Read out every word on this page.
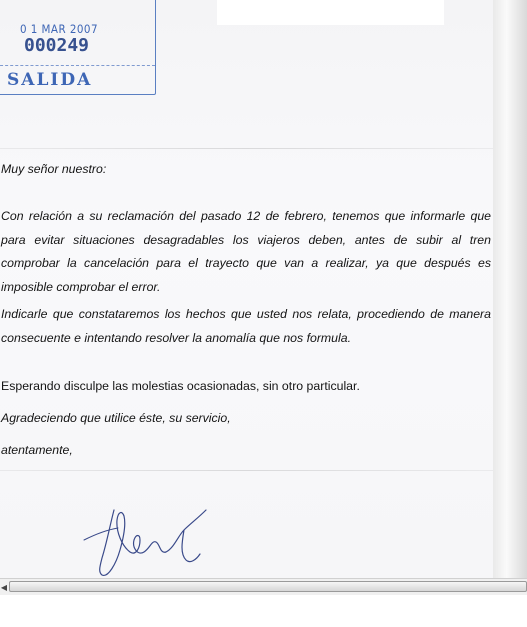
0 1 MAR 2007
000249
SALIDA

Muy señor nuestro:

Con relación a su reclamación del pasado 12 de febrero, tenemos que informarle que para evitar situaciones desagradables los viajeros deben, antes de subir al tren comprobar la cancelación para el trayecto que van a realizar, ya que después es imposible comprobar el error.

Indicarle que constataremos los hechos que usted nos relata, procediendo de manera consecuente e intentando resolver la anomalía que nos formula.

Esperando disculpe las molestias ocasionadas, sin otro particular.

Agradeciendo que utilice éste, su servicio,

atentamente,

◀
